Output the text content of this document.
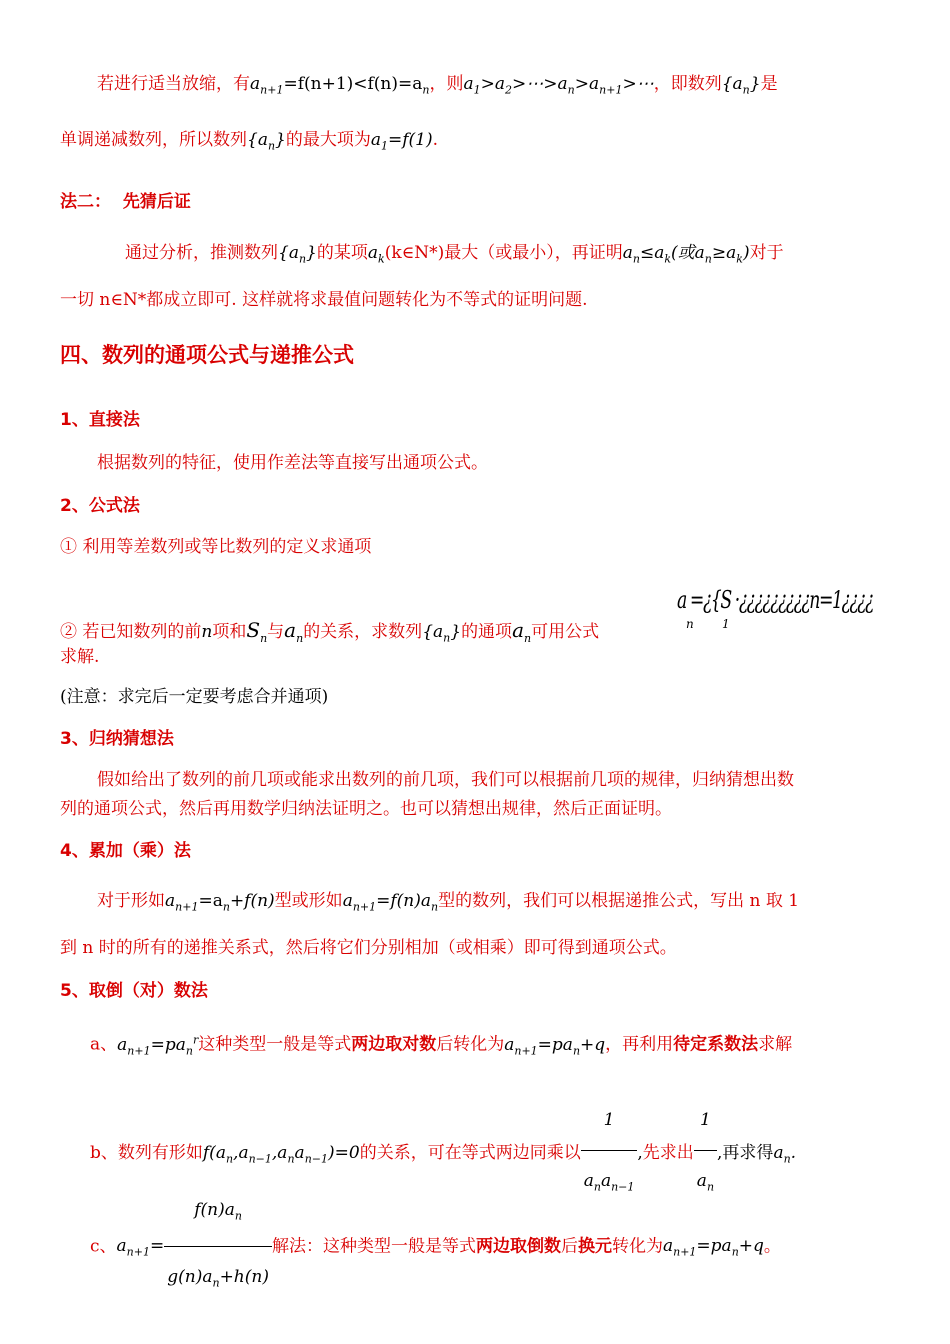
若进行适当放缩，有$a_{n+1}=f(n+1)<f(n)=a_n$，则$a_1>a_2>\cdots>a_n>a_{n+1}>\cdots$，即数列$\{a_n\}$是
单调递减数列，所以数列$\{a_n\}$的最大项为$a_1=f(1)$.
法二： 先猜后证
通过分析，推测数列$\{a_n\}$的某项$a_k(k\in N*)$最大（或最小），再证明$a_n\le a_k$(或$a_n\ge a_k$)对于
一切 n∈N*都成立即可. 这样就将求最值问题转化为不等式的证明问题.
四、数列的通项公式与递推公式
1、直接法
根据数列的特征，使用作差法等直接写出通项公式。
2、公式法
① 利用等差数列或等比数列的定义求通项
② 若已知数列的前n项和$S_n$与$a_n$的关系，求数列$\{a_n\}$的通项$a_n$可用公式
a =¿{S ·¿¿¿¿¿¿¿¿¿n=1¿¿¿¿
n 1
求解.
(注意：求完后一定要考虑合并通项)
3、归纳猜想法
假如给出了数列的前几项或能求出数列的前几项，我们可以根据前几项的规律，归纳猜想出数
列的通项公式，然后再用数学归纳法证明之。也可以猜想出规律，然后正面证明。
4、累加（乘）法
对于形如$a_{n+1}=a_n+f(n)$型或形如$a_{n+1}=f(n)a_n$型的数列，我们可以根据递推公式，写出 n 取 1
到 n 时的所有的递推关系式，然后将它们分别相加（或相乘）即可得到通项公式。
5、取倒（对）数法
a、$a_{n+1}=pa_n^r$这种类型一般是等式两边取对数后转化为$a_{n+1}=pa_n+q$，再利用待定系数法求解
b、数列有形如$f(a_n,a_{n-1},a_na_{n-1})=0$的关系，可在等式两边同乘以 $\frac{1}{a_na_{n-1}}$ ,先求出 $\frac{1}{a_n}$ ,再求得$a_n$.
c、$a_{n+1}= \frac{f(n)a_n}{g(n)a_n+h(n)}$ 解法：这种类型一般是等式两边取倒数后换元转化为$a_{n+1}=pa_n+q$。
